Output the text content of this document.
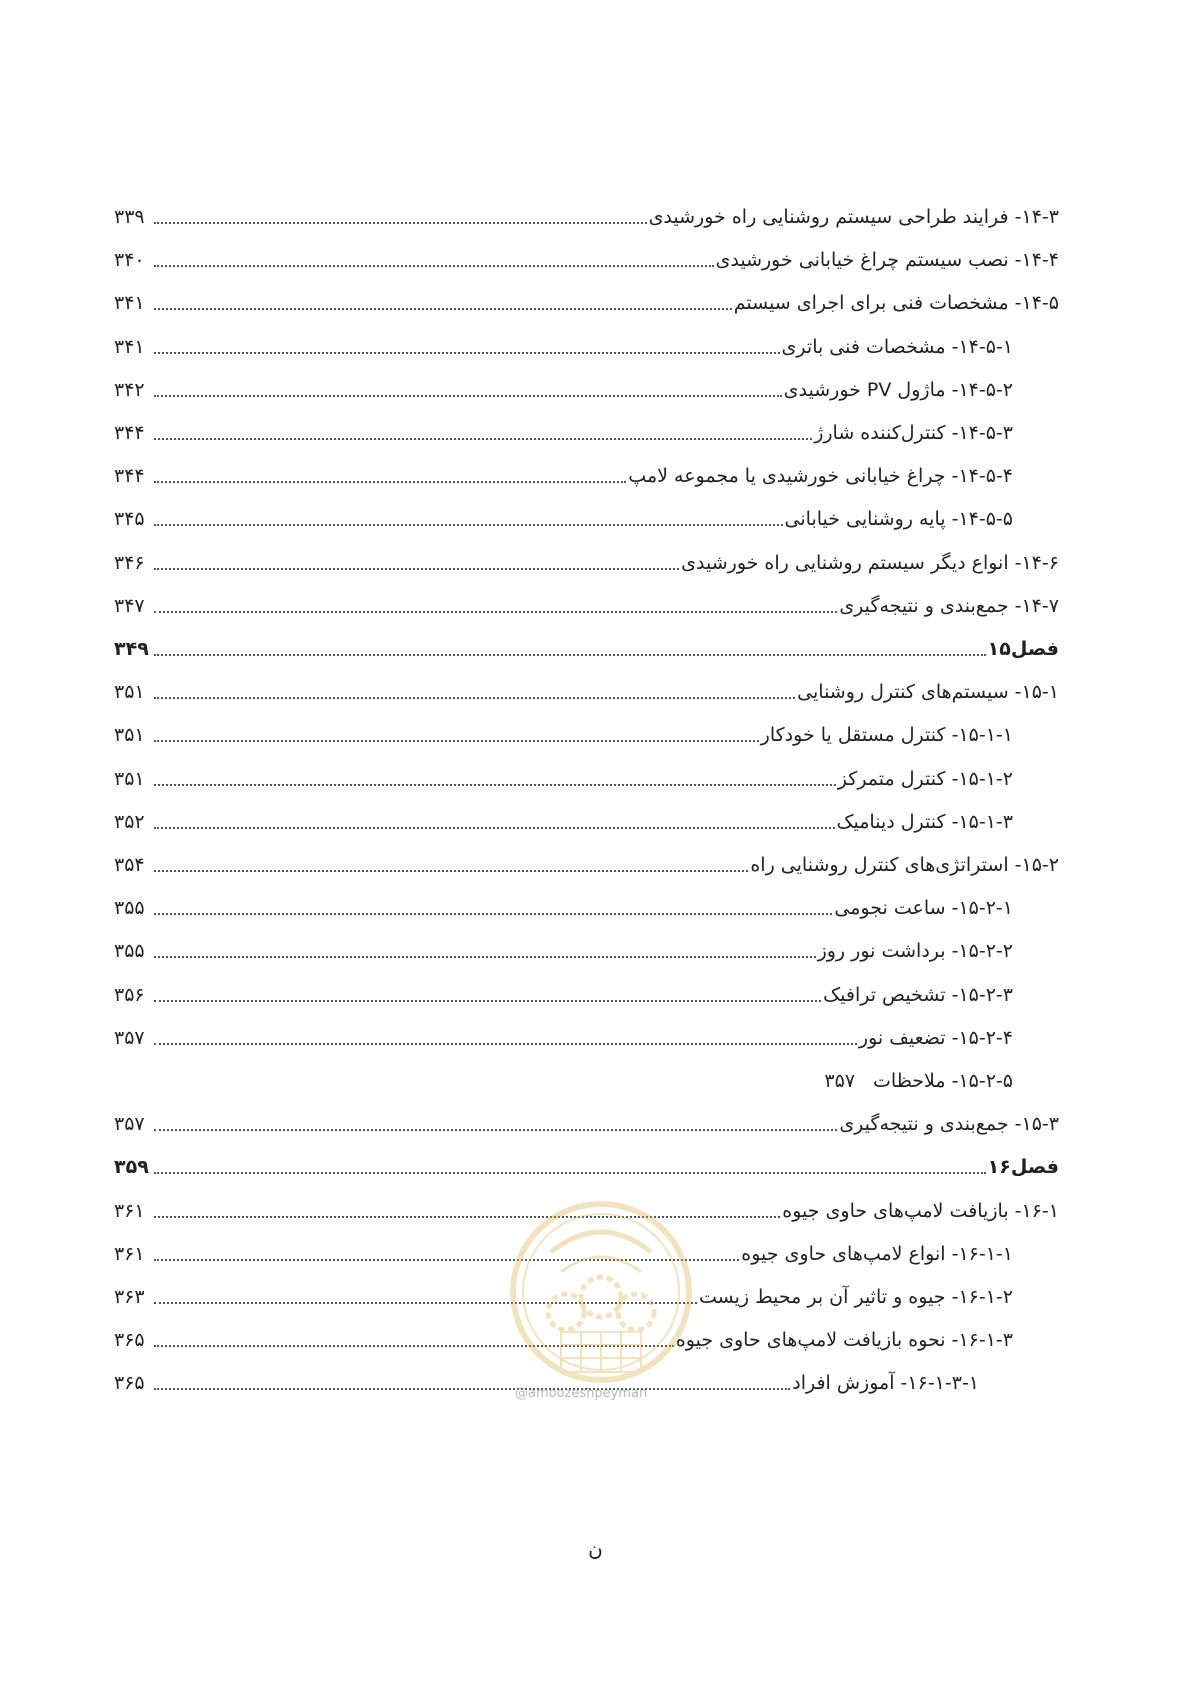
۱۴-۳- فرایند طراحی سیستم روشنایی راه خورشیدی
۳۳۹
۱۴-۴- نصب سیستم چراغ خیابانی خورشیدی
۳۴۰
۱۴-۵- مشخصات فنی برای اجرای سیستم
۳۴۱
۱۴-۵-۱- مشخصات فنی باتری
۳۴۱
۱۴-۵-۲- ماژول PV خورشیدی
۳۴۲
۱۴-۵-۳- کنترل‌کننده شارژ
۳۴۴
۱۴-۵-۴- چراغ خیابانی خورشیدی یا مجموعه لامپ
۳۴۴
۱۴-۵-۵- پایه روشنایی خیابانی
۳۴۵
۱۴-۶- انواع دیگر سیستم روشنایی راه خورشیدی
۳۴۶
۱۴-۷- جمع‌بندی و نتیجه‌گیری
۳۴۷
فصل۱۵
۳۴۹
۱۵-۱- سیستم‌های کنترل روشنایی
۳۵۱
۱۵-۱-۱- کنترل مستقل یا خودکار
۳۵۱
۱۵-۱-۲- کنترل متمرکز
۳۵۱
۱۵-۱-۳- کنترل دینامیک
۳۵۲
۱۵-۲- استراتژی‌های کنترل روشنایی راه
۳۵۴
۱۵-۲-۱- ساعت نجومی
۳۵۵
۱۵-۲-۲- برداشت نور روز
۳۵۵
۱۵-۲-۳- تشخیص ترافیک
۳۵۶
۱۵-۲-۴- تضعیف نور
۳۵۷
۱۵-۲-۵- ملاحظات
۳۵۷
۱۵-۳- جمع‌بندی و نتیجه‌گیری
۳۵۷
فصل۱۶
۳۵۹
۱۶-۱- بازیافت لامپ‌های حاوی جیوه
۳۶۱
۱۶-۱-۱- انواع لامپ‌های حاوی جیوه
۳۶۱
۱۶-۱-۲- جیوه و تاثیر آن بر محیط زیست
۳۶۳
۱۶-۱-۳- نحوه بازیافت لامپ‌های حاوی جیوه
۳۶۵
۱۶-۱-۳-۱- آموزش افراد
۳۶۵	@amoozeshpeyman
ن
